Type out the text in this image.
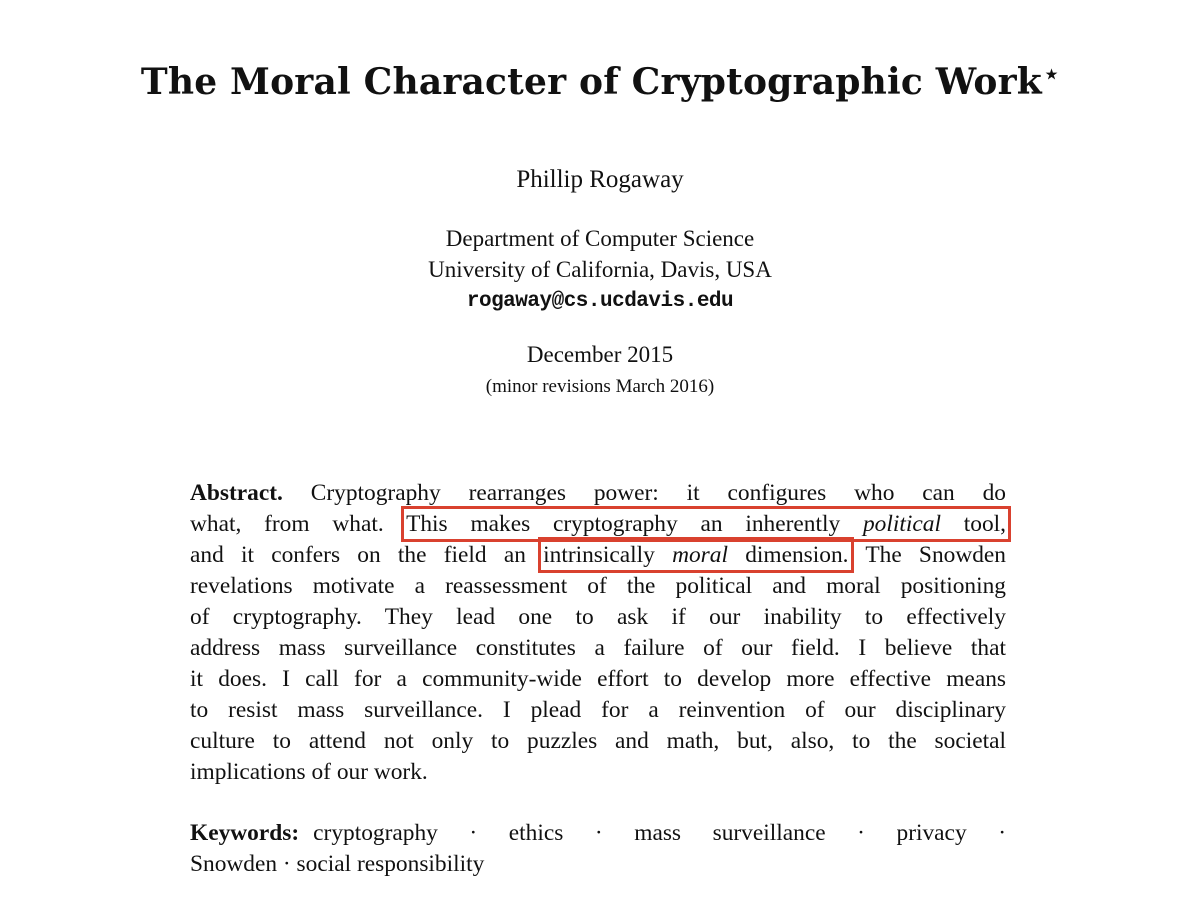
The Moral Character of Cryptographic Work⋆
Phillip Rogaway
Department of Computer Science
University of California, Davis, USA
rogaway@cs.ucdavis.edu
December 2015
(minor revisions March 2016)
Abstract. Cryptography rearranges power: it configures who can do
what, from what. This makes cryptography an inherently political tool,
and it confers on the field an intrinsically moral dimension. The Snowden
revelations motivate a reassessment of the political and moral positioning
of cryptography. They lead one to ask if our inability to effectively
address mass surveillance constitutes a failure of our field. I believe that
it does. I call for a community-wide effort to develop more effective means
to resist mass surveillance. I plead for a reinvention of our disciplinary
culture to attend not only to puzzles and math, but, also, to the societal
implications of our work.
Keywords: cryptography · ethics · mass surveillance · privacy ·
Snowden · social responsibility
